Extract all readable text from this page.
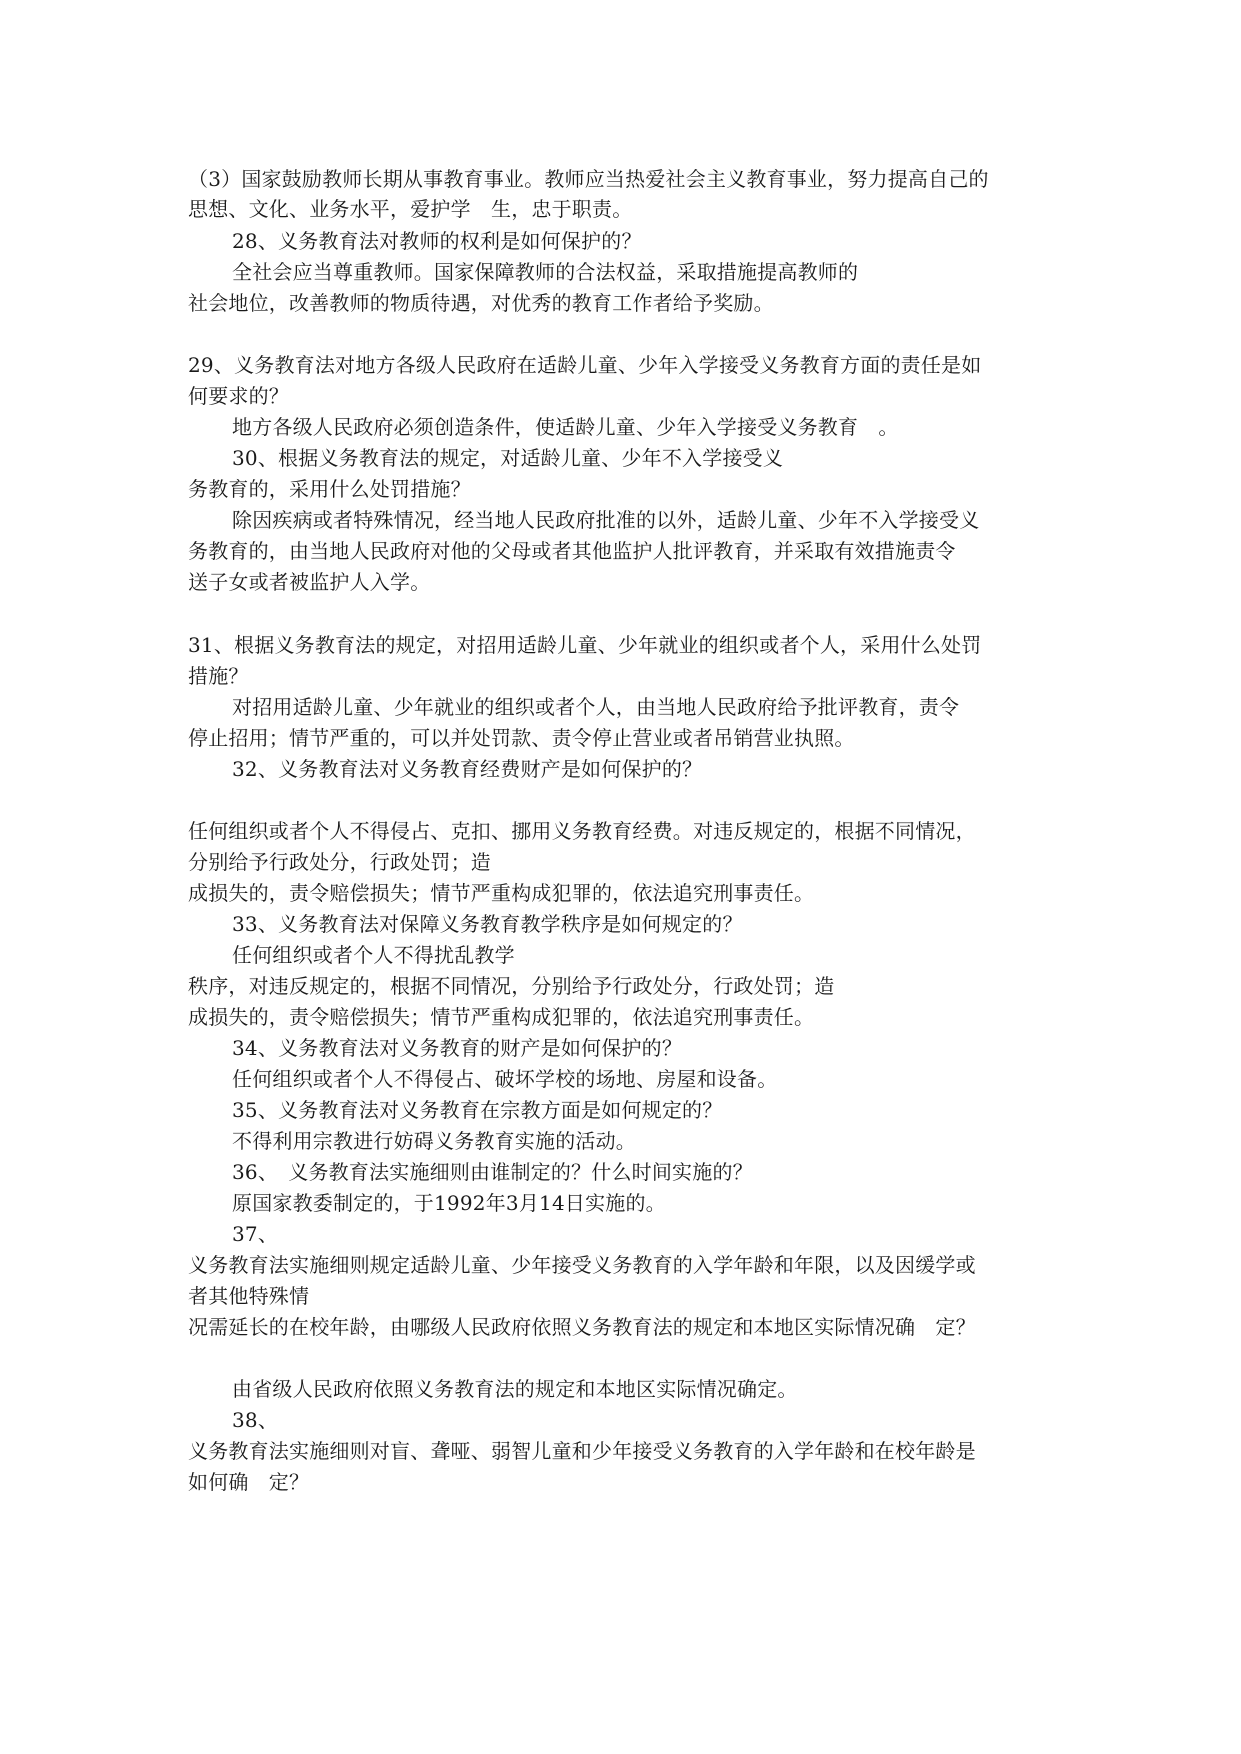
（3）国家鼓励教师长期从事教育事业。教师应当热爱社会主义教育事业，努力提高自己的
思想、文化、业务水平，爱护学　生，忠于职责。
28、义务教育法对教师的权利是如何保护的？
全社会应当尊重教师。国家保障教师的合法权益，采取措施提高教师的
社会地位，改善教师的物质待遇，对优秀的教育工作者给予奖励。
29、义务教育法对地方各级人民政府在适龄儿童、少年入学接受义务教育方面的责任是如
何要求的？
地方各级人民政府必须创造条件，使适龄儿童、少年入学接受义务教育　。
30、根据义务教育法的规定，对适龄儿童、少年不入学接受义
务教育的，采用什么处罚措施？
除因疾病或者特殊情况，经当地人民政府批准的以外，适龄儿童、少年不入学接受义
务教育的，由当地人民政府对他的父母或者其他监护人批评教育，并采取有效措施责令
送子女或者被监护人入学。
31、根据义务教育法的规定，对招用适龄儿童、少年就业的组织或者个人，采用什么处罚
措施？
对招用适龄儿童、少年就业的组织或者个人，由当地人民政府给予批评教育，责令
停止招用；情节严重的，可以并处罚款、责令停止营业或者吊销营业执照。
32、义务教育法对义务教育经费财产是如何保护的？
任何组织或者个人不得侵占、克扣、挪用义务教育经费。对违反规定的，根据不同情况，
分别给予行政处分，行政处罚；造
成损失的，责令赔偿损失；情节严重构成犯罪的，依法追究刑事责任。
33、义务教育法对保障义务教育教学秩序是如何规定的？
任何组织或者个人不得扰乱教学
秩序，对违反规定的，根据不同情况，分别给予行政处分，行政处罚；造
成损失的，责令赔偿损失；情节严重构成犯罪的，依法追究刑事责任。
34、义务教育法对义务教育的财产是如何保护的？
任何组织或者个人不得侵占、破坏学校的场地、房屋和设备。
35、义务教育法对义务教育在宗教方面是如何规定的？
不得利用宗教进行妨碍义务教育实施的活动。
36、　义务教育法实施细则由谁制定的？什么时间实施的？
原国家教委制定的，于1992年3月14日实施的。
37、
义务教育法实施细则规定适龄儿童、少年接受义务教育的入学年龄和年限，以及因缓学或
者其他特殊情
况需延长的在校年龄，由哪级人民政府依照义务教育法的规定和本地区实际情况确　定？
由省级人民政府依照义务教育法的规定和本地区实际情况确定。
38、
义务教育法实施细则对盲、聋哑、弱智儿童和少年接受义务教育的入学年龄和在校年龄是
如何确　定？
